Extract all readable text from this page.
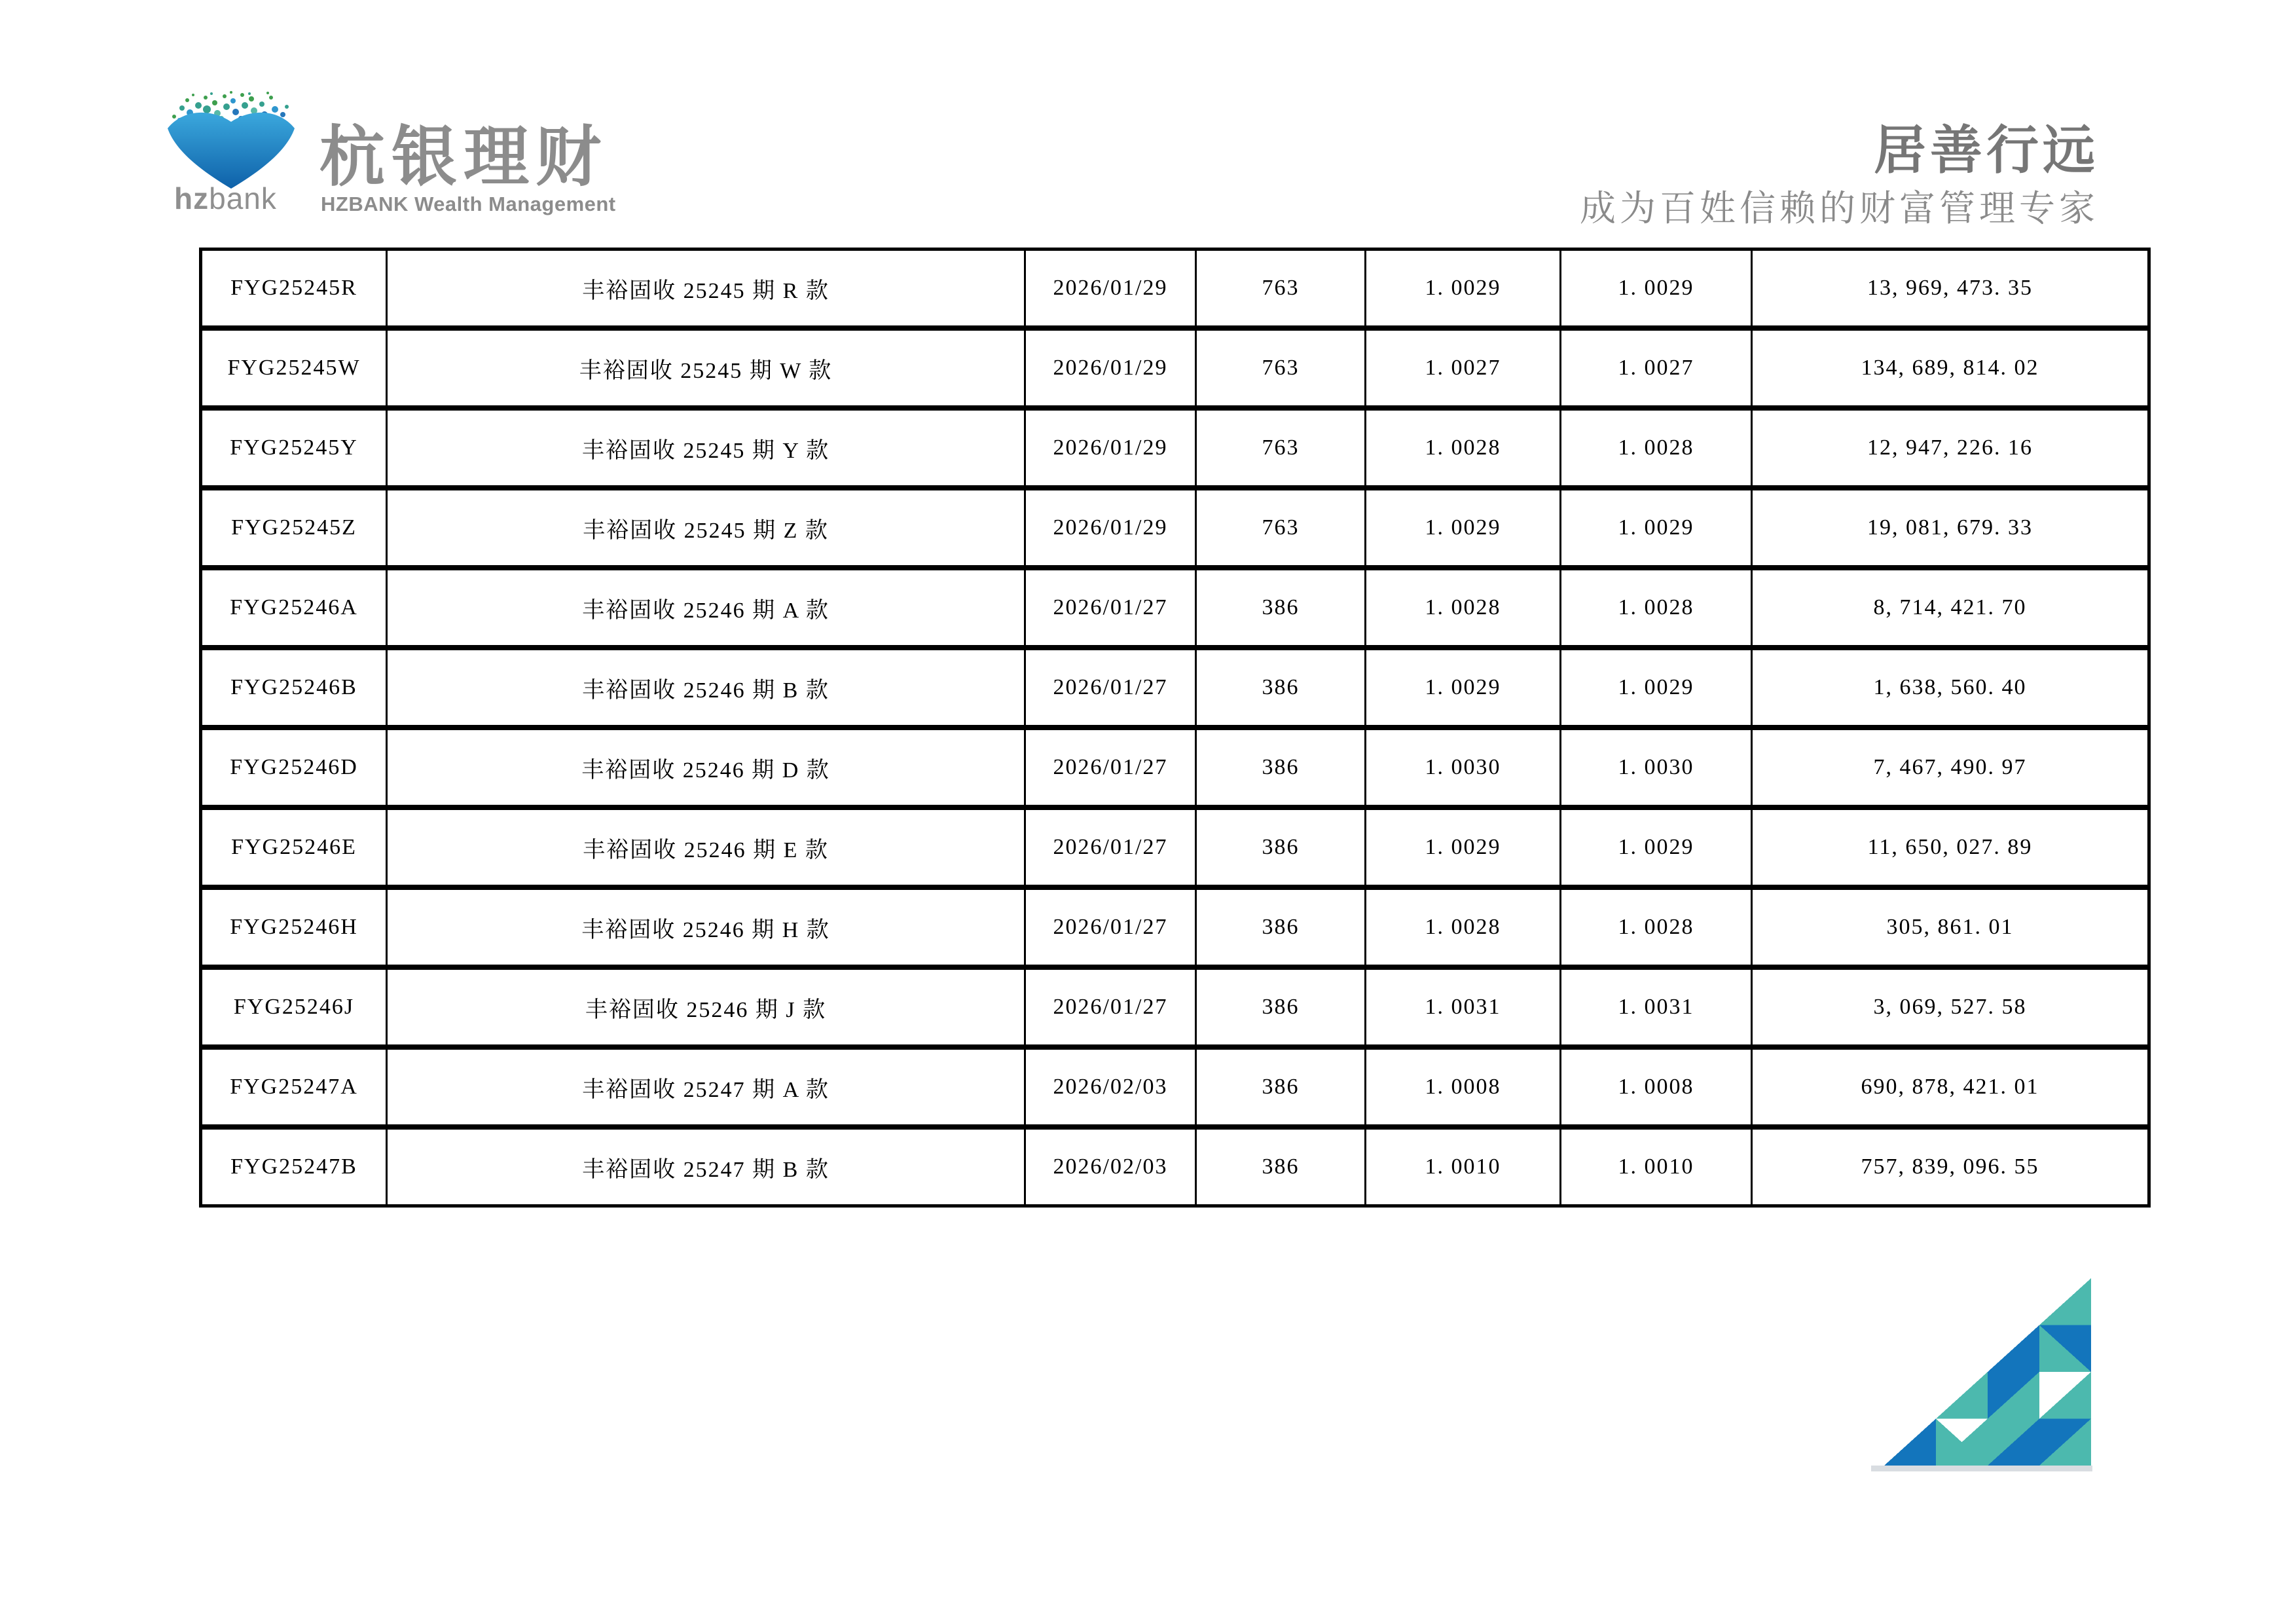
hzbank
杭银理财
HZBANK Wealth Management
居善行远
成为百姓信赖的财富管理专家
FYG25245R	丰裕固收 25245 期 R 款	2026/01/29	763	1. 0029	1. 0029	13, 969, 473. 35
FYG25245W	丰裕固收 25245 期 W 款	2026/01/29	763	1. 0027	1. 0027	134, 689, 814. 02
FYG25245Y	丰裕固收 25245 期 Y 款	2026/01/29	763	1. 0028	1. 0028	12, 947, 226. 16
FYG25245Z	丰裕固收 25245 期 Z 款	2026/01/29	763	1. 0029	1. 0029	19, 081, 679. 33
FYG25246A	丰裕固收 25246 期 A 款	2026/01/27	386	1. 0028	1. 0028	8, 714, 421. 70
FYG25246B	丰裕固收 25246 期 B 款	2026/01/27	386	1. 0029	1. 0029	1, 638, 560. 40
FYG25246D	丰裕固收 25246 期 D 款	2026/01/27	386	1. 0030	1. 0030	7, 467, 490. 97
FYG25246E	丰裕固收 25246 期 E 款	2026/01/27	386	1. 0029	1. 0029	11, 650, 027. 89
FYG25246H	丰裕固收 25246 期 H 款	2026/01/27	386	1. 0028	1. 0028	305, 861. 01
FYG25246J	丰裕固收 25246 期 J 款	2026/01/27	386	1. 0031	1. 0031	3, 069, 527. 58
FYG25247A	丰裕固收 25247 期 A 款	2026/02/03	386	1. 0008	1. 0008	690, 878, 421. 01
FYG25247B	丰裕固收 25247 期 B 款	2026/02/03	386	1. 0010	1. 0010	757, 839, 096. 55
